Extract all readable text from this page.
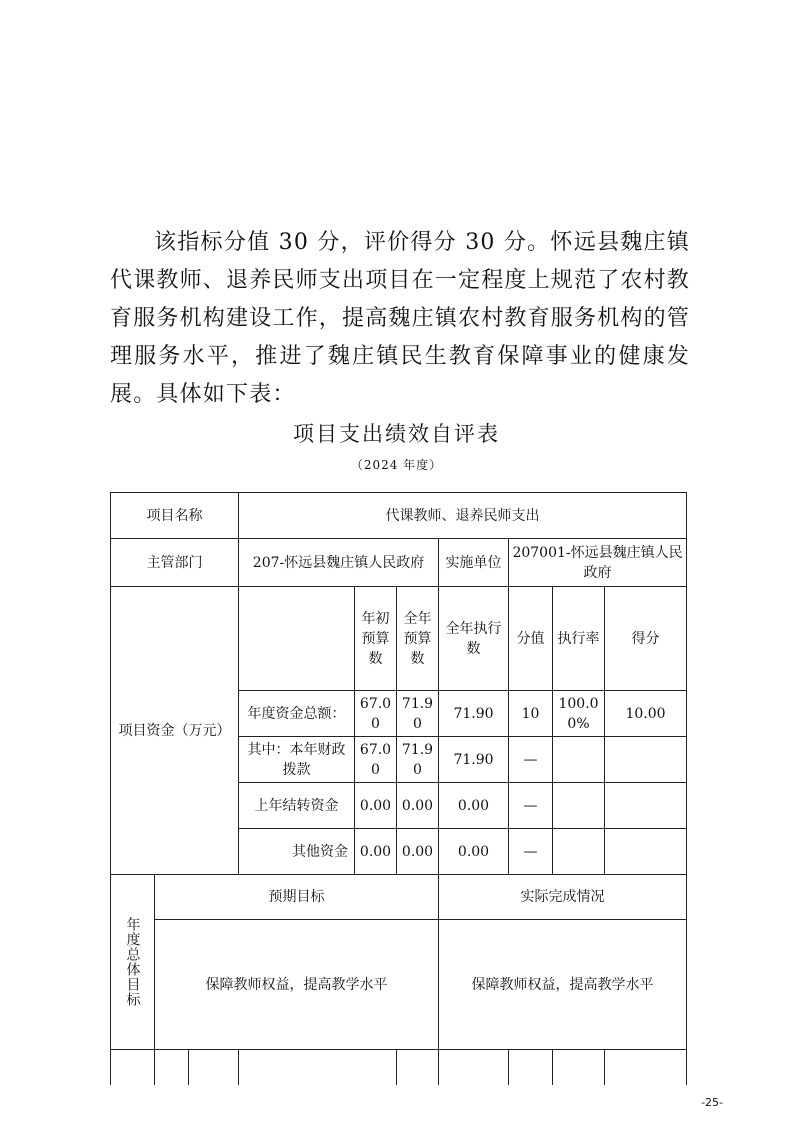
该指标分值 30 分，评价得分 30 分。怀远县魏庄镇代课教师、退养民师支出项目在一定程度上规范了农村教育服务机构建设工作，提高魏庄镇农村教育服务机构的管理服务水平，推进了魏庄镇民生教育保障事业的健康发展。具体如下表：

项目支出绩效自评表
（2024 年度）
项目名称			代课教师、退养民师支出						
主管部门			207-怀远县魏庄镇人民政府			实施单位	207001-怀远县魏庄镇人民政府		
项目资金（万元）				年初预算数	全年预算数	全年执行数	分值	执行率	得分
			年度资金总额：	67.00	71.90	71.90	10	100.00%	10.00
			其中：本年财政拨款	67.00	71.90	71.90	—		
			上年结转资金	0.00	0.00	0.00	—		
			其他资金	0.00	0.00	0.00	—		

年度总体目标	预期目标					实际完成情况			
	保障教师权益，提高教学水平					保障教师权益，提高教学水平			

-25-
